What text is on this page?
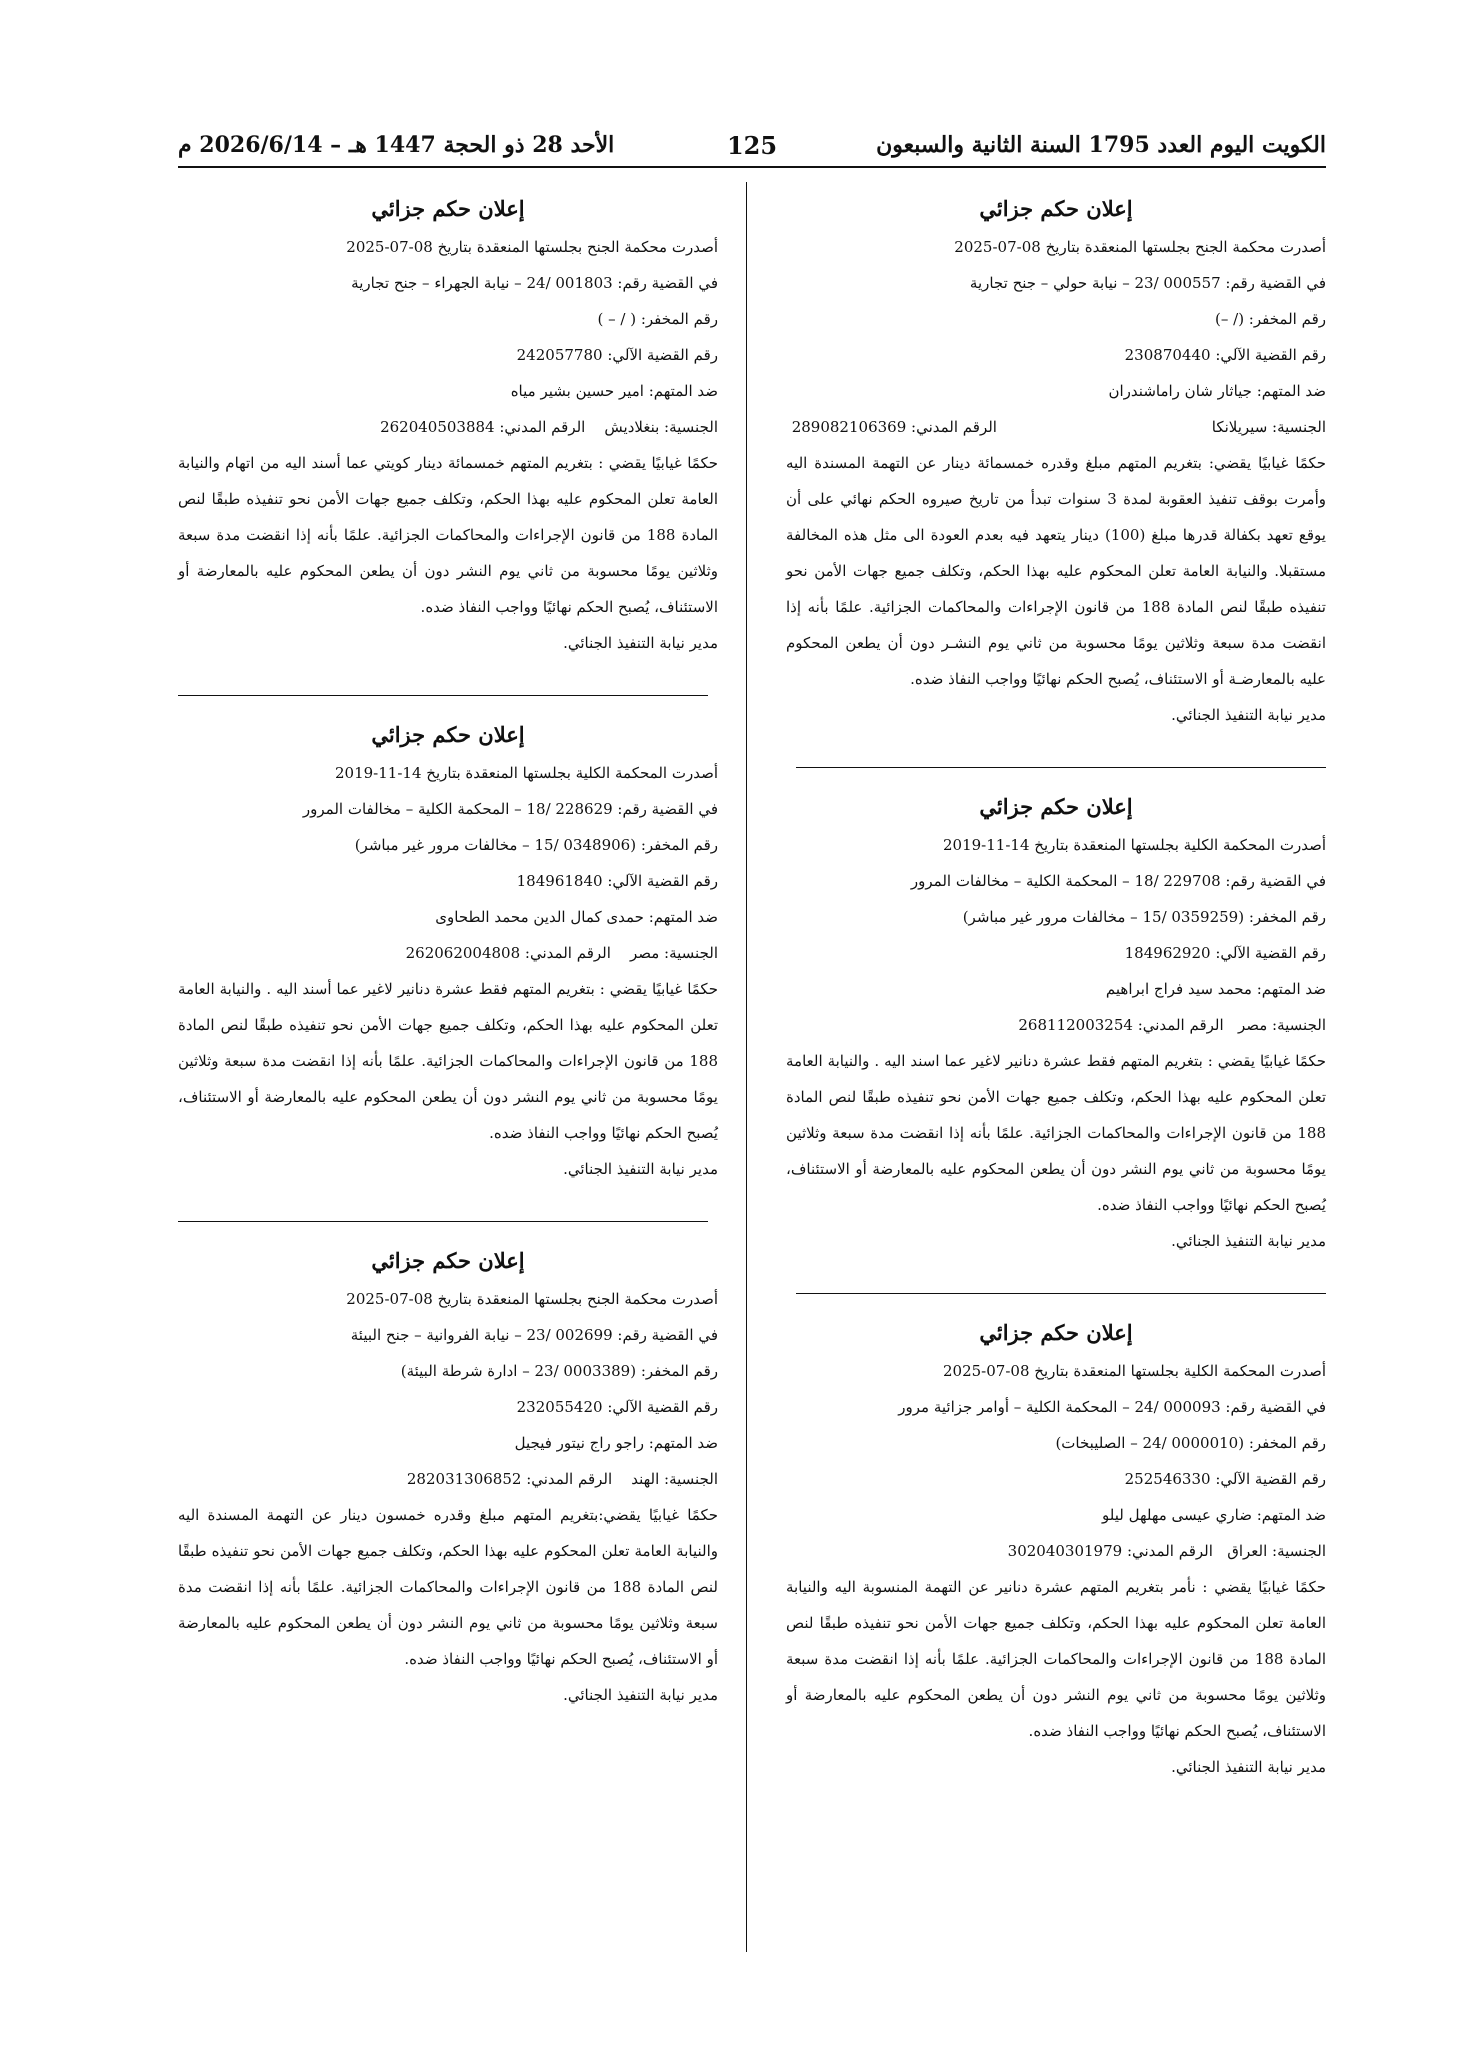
الكويت اليوم العدد 1795 السنة الثانية والسبعون
125
الأحد 28 ذو الحجة 1447 هـ – 2026/6/14 م
إعلان حكم جزائي
أصدرت محكمة الجنح بجلستها المنعقدة بتاريخ 08-07-2025
في القضية رقم: 000557 /23 – نيابة حولي – جنح تجارية
رقم المخفر: (/ –)
رقم القضية الآلي: 230870440
ضد المتهم: جياثار شان راماشندران
الجنسية: سيريلانكا الرقم المدني: 289082106369

حكمًا غيابيًا يقضي: بتغريم المتهم مبلغ وقدره خمسمائة دينار عن التهمة المسندة اليه وأمرت بوقف تنفيذ العقوبة لمدة 3 سنوات تبدأ من تاريخ صيروه الحكم نهائي على أن يوقع تعهد بكفالة قدرها مبلغ (100) دينار يتعهد فيه بعدم العودة الى مثل هذه المخالفة مستقبلا. والنيابة العامة تعلن المحكوم عليه بهذا الحكم، وتكلف جميع جهات الأمن نحو تنفيذه طبقًا لنص المادة 188 من قانون الإجراءات والمحاكمات الجزائية. علمًا بأنه إذا انقضت مدة سبعة وثلاثين يومًا محسوبة من ثاني يوم النشـر دون أن يطعن المحكوم عليه بالمعارضـة أو الاستئناف، يُصبح الحكم نهائيًا وواجب النفاذ ضده.

مدير نيابة التنفيذ الجنائي.
إعلان حكم جزائي
أصدرت المحكمة الكلية بجلستها المنعقدة بتاريخ 14-11-2019
في القضية رقم: 229708 /18 – المحكمة الكلية – مخالفات المرور
رقم المخفر: (0359259 /15 – مخالفات مرور غير مباشر)
رقم القضية الآلي: 184962920
ضد المتهم: محمد سيد فراج ابراهيم
الجنسية: مصر   الرقم المدني: 268112003254

حكمًا غيابيًا يقضي : بتغريم المتهم فقط عشرة دنانير لاغير عما اسند اليه . والنيابة العامة تعلن المحكوم عليه بهذا الحكم، وتكلف جميع جهات الأمن نحو تنفيذه طبقًا لنص المادة 188 من قانون الإجراءات والمحاكمات الجزائية. علمًا بأنه إذا انقضت مدة سبعة وثلاثين يومًا محسوبة من ثاني يوم النشر دون أن يطعن المحكوم عليه بالمعارضة أو الاستئناف، يُصبح الحكم نهائيًا وواجب النفاذ ضده.

مدير نيابة التنفيذ الجنائي.
إعلان حكم جزائي
أصدرت المحكمة الكلية بجلستها المنعقدة بتاريخ 08-07-2025
في القضية رقم: 000093 /24 – المحكمة الكلية – أوامر جزائية مرور
رقم المخفر: (0000010 /24 – الصليبخات)
رقم القضية الآلي: 252546330
ضد المتهم: ضاري عيسى مهلهل ليلو
الجنسية: العراق   الرقم المدني: 302040301979

حكمًا غيابيًا يقضي : نأمر بتغريم المتهم عشرة دنانير عن التهمة المنسوبة اليه والنيابة العامة تعلن المحكوم عليه بهذا الحكم، وتكلف جميع جهات الأمن نحو تنفيذه طبقًا لنص المادة 188 من قانون الإجراءات والمحاكمات الجزائية. علمًا بأنه إذا انقضت مدة سبعة وثلاثين يومًا محسوبة من ثاني يوم النشر دون أن يطعن المحكوم عليه بالمعارضة أو الاستئناف، يُصبح الحكم نهائيًا وواجب النفاذ ضده.

مدير نيابة التنفيذ الجنائي.
إعلان حكم جزائي
أصدرت محكمة الجنح بجلستها المنعقدة بتاريخ 08-07-2025
في القضية رقم: 001803 /24 – نيابة الجهراء – جنح تجارية
رقم المخفر: ( / – )
رقم القضية الآلي: 242057780
ضد المتهم: امير حسين بشير مياه
الجنسية: بنغلاديش    الرقم المدني: 262040503884

حكمًا غيابيًا يقضي : بتغريم المتهم خمسمائة دينار كويتي عما أسند اليه من اتهام والنيابة العامة تعلن المحكوم عليه بهذا الحكم، وتكلف جميع جهات الأمن نحو تنفيذه طبقًا لنص المادة 188 من قانون الإجراءات والمحاكمات الجزائية. علمًا بأنه إذا انقضت مدة سبعة وثلاثين يومًا محسوبة من ثاني يوم النشر دون أن يطعن المحكوم عليه بالمعارضة أو الاستئناف، يُصبح الحكم نهائيًا وواجب النفاذ ضده.

مدير نيابة التنفيذ الجنائي.
إعلان حكم جزائي
أصدرت المحكمة الكلية بجلستها المنعقدة بتاريخ 14-11-2019
في القضية رقم: 228629 /18 – المحكمة الكلية – مخالفات المرور
رقم المخفر: (0348906 /15 – مخالفات مرور غير مباشر)
رقم القضية الآلي: 184961840
ضد المتهم: حمدى كمال الدين محمد الطحاوى
الجنسية: مصر    الرقم المدني: 262062004808

حكمًا غيابيًا يقضي : بتغريم المتهم فقط عشرة دنانير لاغير عما أسند اليه . والنيابة العامة تعلن المحكوم عليه بهذا الحكم، وتكلف جميع جهات الأمن نحو تنفيذه طبقًا لنص المادة 188 من قانون الإجراءات والمحاكمات الجزائية. علمًا بأنه إذا انقضت مدة سبعة وثلاثين يومًا محسوبة من ثاني يوم النشر دون أن يطعن المحكوم عليه بالمعارضة أو الاستئناف، يُصبح الحكم نهائيًا وواجب النفاذ ضده.

مدير نيابة التنفيذ الجنائي.
إعلان حكم جزائي
أصدرت محكمة الجنح بجلستها المنعقدة بتاريخ 08-07-2025
في القضية رقم: 002699 /23 – نيابة الفروانية – جنح البيئة
رقم المخفر: (0003389 /23 – ادارة شرطة البيئة)
رقم القضية الآلي: 232055420
ضد المتهم: راجو راج نيتور فيجيل
الجنسية: الهند    الرقم المدني: 282031306852

حكمًا غيابيًا يقضي:بتغريم المتهم مبلغ وقدره خمسون دينار عن التهمة المسندة اليه والنيابة العامة تعلن المحكوم عليه بهذا الحكم، وتكلف جميع جهات الأمن نحو تنفيذه طبقًا لنص المادة 188 من قانون الإجراءات والمحاكمات الجزائية. علمًا بأنه إذا انقضت مدة سبعة وثلاثين يومًا محسوبة من ثاني يوم النشر دون أن يطعن المحكوم عليه بالمعارضة أو الاستئناف، يُصبح الحكم نهائيًا وواجب النفاذ ضده.

مدير نيابة التنفيذ الجنائي.
